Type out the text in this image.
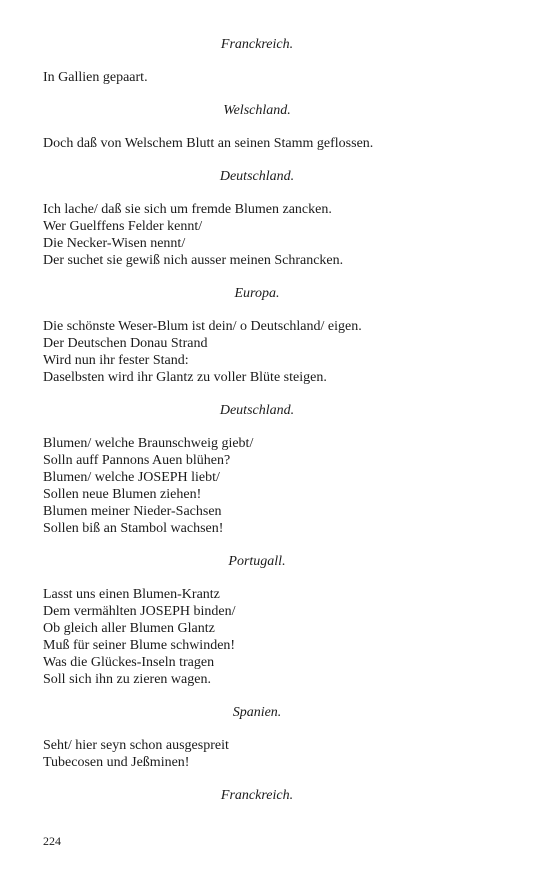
Franckreich.
In Gallien gepaart.
Welschland.
Doch daß von Welschem Blutt an seinen Stamm geflossen.
Deutschland.
Ich lache/ daß sie sich um fremde Blumen zancken.
Wer Guelffens Felder kennt/
Die Necker-Wisen nennt/
Der suchet sie gewiß nich ausser meinen Schrancken.
Europa.
Die schönste Weser-Blum ist dein/ o Deutschland/ eigen.
Der Deutschen Donau Strand
Wird nun ihr fester Stand:
Daselbsten wird ihr Glantz zu voller Blüte steigen.
Deutschland.
Blumen/ welche Braunschweig giebt/
Solln auff Pannons Auen blühen?
Blumen/ welche JOSEPH liebt/
Sollen neue Blumen ziehen!
Blumen meiner Nieder-Sachsen
Sollen biß an Stambol wachsen!
Portugall.
Lasst uns einen Blumen-Krantz
Dem vermählten JOSEPH binden/
Ob gleich aller Blumen Glantz
Muß für seiner Blume schwinden!
Was die Glückes-Inseln tragen
Soll sich ihn zu zieren wagen.
Spanien.
Seht/ hier seyn schon ausgespreit
Tubecosen und Jeßminen!
Franckreich.
224
